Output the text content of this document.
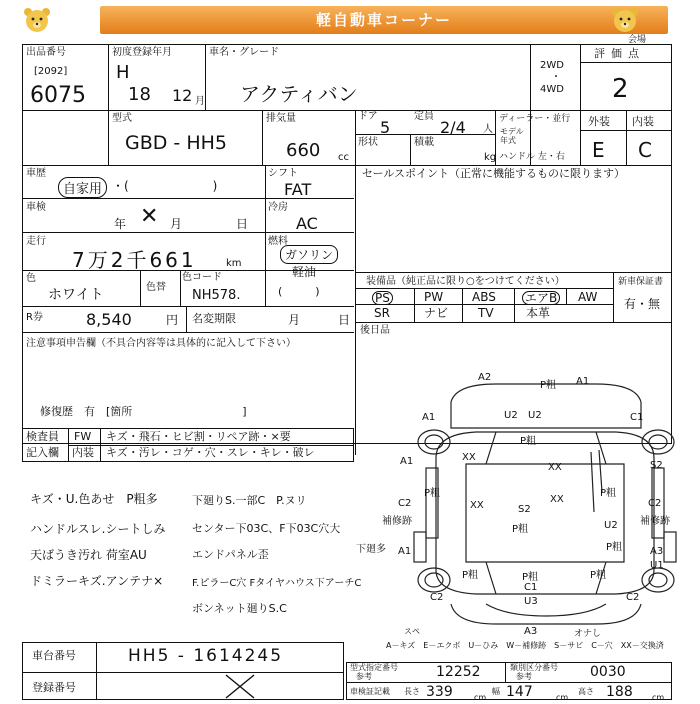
軽自動車コーナー
会場
出品番号
[2092]
6075
初度登録年月
H
18 12 月
車名・グレード
アクティバン
2WD
・
4WD
評価点
2
型式
GBD - HH5
排気量
660 cc
ドア
5
定員
2/4 人
形状	積載
kg
ディーラー・並行
モデル
年式
ハンドル 左・右
外装 内装
E C
車歴
自家用 ・(　　　　　　　)
シフト
FAT
セールスポイント（正常に機能するものに限ります）
車検
年 ✕ 月	日
冷房
AC
走行
7万2千661	km
燃料
ガソリン
軽油
(　　　)
色
ホワイト	色替
色コード
NH578.
装備品（純正品に限り○をつけてください）
PS	PW ABS エアB AW
SR	ナビ TV	本革
新車保証書
有・無
R券	8,540	円 名変期限	月	日
後日品
注意事項申告欄（不具合内容等は具体的に記入して下さい）
修復歴　有　[箇所　　　　　　　　　　]
検査員
記入欄
FW キズ・飛石・ヒビ割・リペア跡・×要
内装 キズ・汚レ・コゲ・穴・スレ・キレ・破レ
キズ・U.色あせ　P粗多
ハンドルスレ.シートしみ
天ばうき汚れ 荷室AU
ドミラーキズ.アンテナ×
下廻りS.一部C　P.ヌリ
センター下03C、F下03C穴大
エンドパネル歪
F.ピラーC穴 Fタイヤハウス下アーチC
ボンネット廻りS.C
下廻多
A2
P粗 A1
A1	U2	C1
U2
P粗
A1
C2
S2
XX
XX
P粗	P粗
XX
XX	C2
補修跡	補修跡
S2
P粗	U2
P粗
A1	A3
U1
C2	C2
P粗
C1
U3
A3
スペ	オナし
P粗	P粗
A－キズ　E－エクボ　U－ひみ　W－補修跡　S－サビ　C－穴　XX－交換済
車台番号	HH5 - 1614245
登録番号
型式指定番号
参考	12252	類別区分番号
参考	0030
車検証記載 長さ 339	cm
幅 147	cm
高さ 188 cm
